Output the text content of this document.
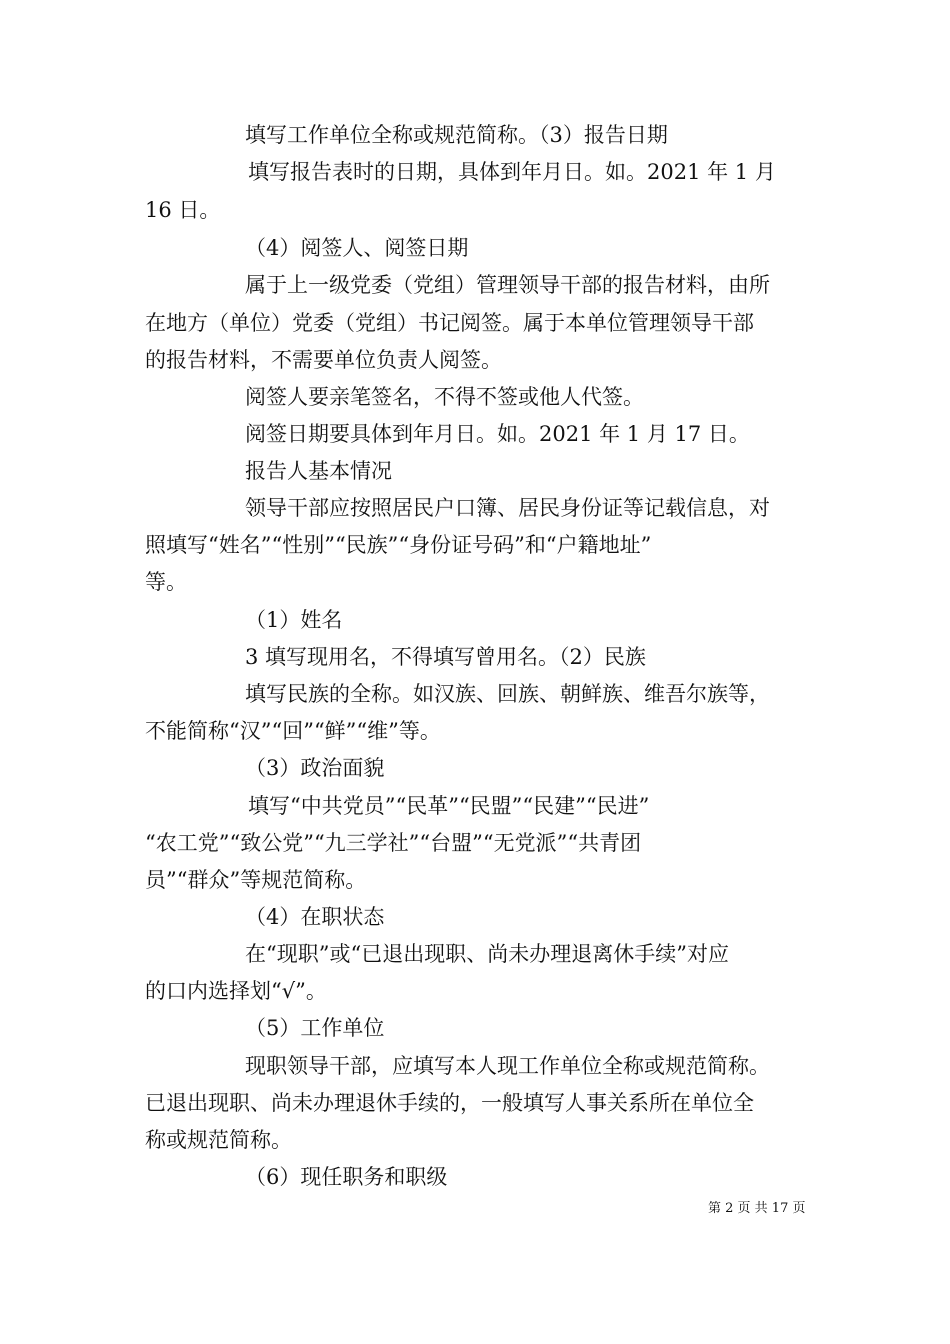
填写工作单位全称或规范简称。（3）报告日期
填写报告表时的日期，具体到年月日。如。2021 年 1 月
16 日。
（4）阅签人、阅签日期
属于上一级党委（党组）管理领导干部的报告材料，由所
在地方（单位）党委（党组）书记阅签。属于本单位管理领导干部
的报告材料，不需要单位负责人阅签。
阅签人要亲笔签名，不得不签或他人代签。
阅签日期要具体到年月日。如。2021 年 1 月 17 日。
报告人基本情况
领导干部应按照居民户口簿、居民身份证等记载信息，对
照填写“姓名”“性别”“民族”“身份证号码”和“户籍地址”
等。
（1）姓名
3 填写现用名，不得填写曾用名。（2）民族
填写民族的全称。如汉族、回族、朝鲜族、维吾尔族等，
不能简称“汉”“回”“鲜”“维”等。
（3）政治面貌
填写“中共党员”“民革”“民盟”“民建”“民进”
“农工党”“致公党”“九三学社”“台盟”“无党派”“共青团
员”“群众”等规范简称。
（4）在职状态
在“现职”或“已退出现职、尚未办理退离休手续”对应
的口内选择划“√”。
（5）工作单位
现职领导干部，应填写本人现工作单位全称或规范简称。
已退出现职、尚未办理退休手续的，一般填写人事关系所在单位全
称或规范简称。
（6）现任职务和职级
第 2 页 共 17 页
